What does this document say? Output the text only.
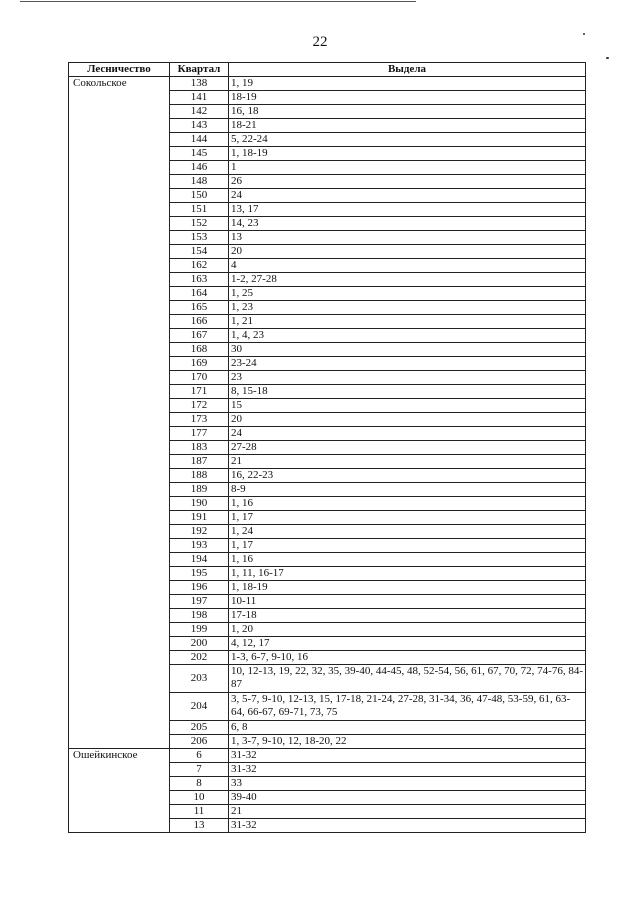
22
Лесничество	Квартал	Выдела
Сокольское	138	1, 19
	141	18-19
	142	16, 18
	143	18-21
	144	5, 22-24
	145	1, 18-19
	146	1
	148	26
	150	24
	151	13, 17
	152	14, 23
	153	13
	154	20
	162	4
	163	1-2, 27-28
	164	1, 25
	165	1, 23
	166	1, 21
	167	1, 4, 23
	168	30
	169	23-24
	170	23
	171	8, 15-18
	172	15
	173	20
	177	24
	183	27-28
	187	21
	188	16, 22-23
	189	8-9
	190	1, 16
	191	1, 17
	192	1, 24
	193	1, 17
	194	1, 16
	195	1, 11, 16-17
	196	1, 18-19
	197	10-11
	198	17-18
	199	1, 20
	200	4, 12, 17
	202	1-3, 6-7, 9-10, 16
	203	10, 12-13, 19, 22, 32, 35, 39-40, 44-45, 48, 52-54, 56, 61, 67, 70, 72, 74-76, 84-87
	204	3, 5-7, 9-10, 12-13, 15, 17-18, 21-24, 27-28, 31-34, 36, 47-48, 53-59, 61, 63-64, 66-67, 69-71, 73, 75
	205	6, 8
	206	1, 3-7, 9-10, 12, 18-20, 22
Ошейкинское	6	31-32
	7	31-32
	8	33
	10	39-40
	11	21
	13	31-32
